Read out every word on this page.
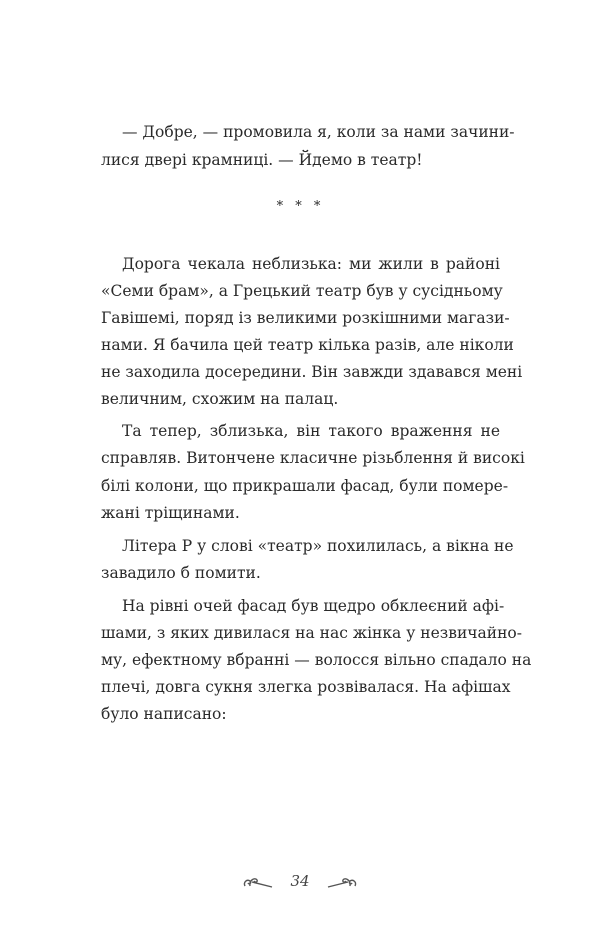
— Добре, — промовила я, коли за нами зачини-
лися двері крамниці. — Йдемо в театр!
* * *
Дорога чекала неблизька: ми жили в районі
«Семи брам», а Грецький театр був у сусідньому
Гавішемі, поряд із великими розкішними магази-
нами. Я бачила цей театр кілька разів, але ніколи
не заходила досередини. Він завжди здавався мені
величним, схожим на палац.
Та тепер, зблизька, він такого враження не
справляв. Витончене класичне різьблення й високі
білі колони, що прикрашали фасад, були помере-
жані тріщинами.
Літера Р у слові «театр» похилилась, а вікна не
завадило б помити.
На рівні очей фасад був щедро обклеєний афі-
шами, з яких дивилася на нас жінка у незвичайно-
му, ефектному вбранні — волосся вільно спадало на
плечі, довга сукня злегка розвівалася. На афішах
було написано:
34
